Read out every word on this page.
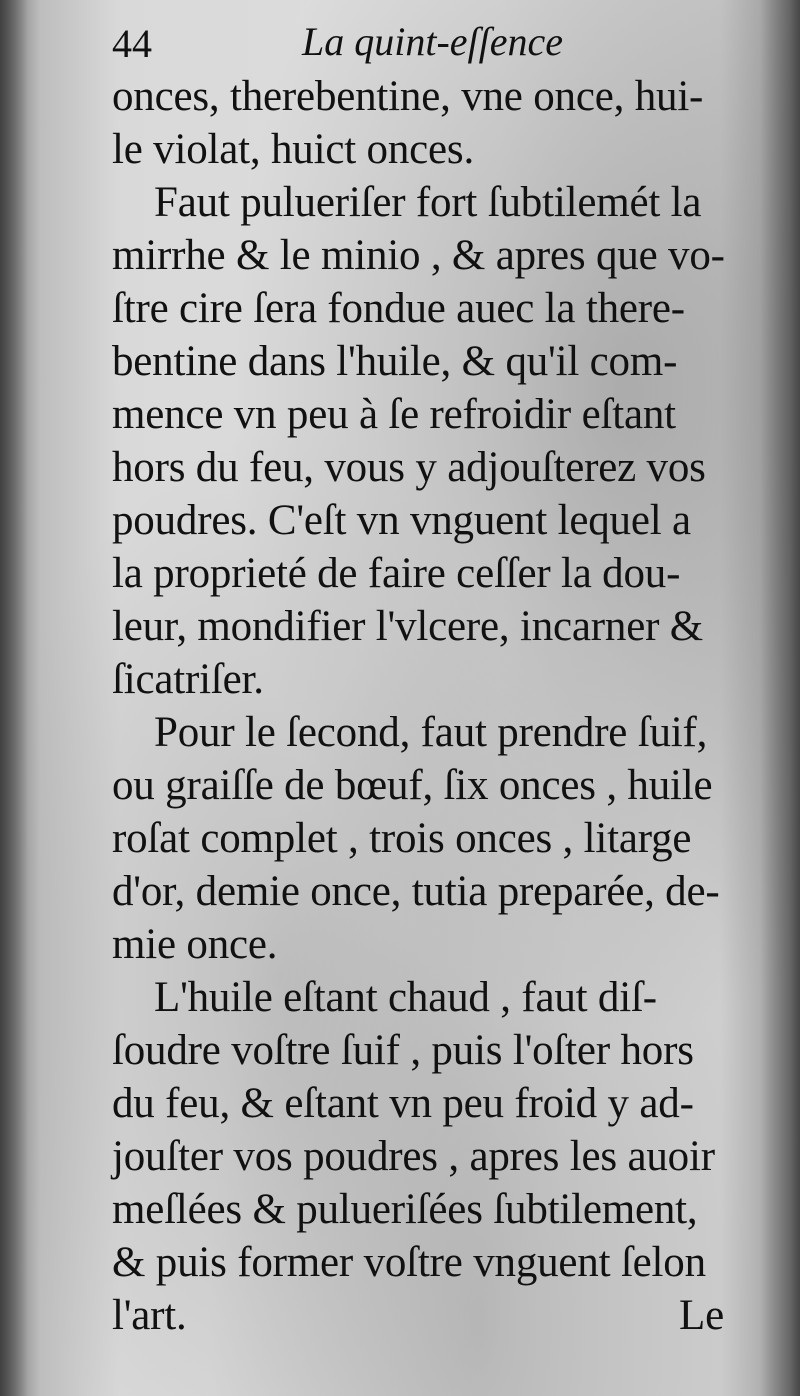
44	La quint-eſſence
onces, therebentine, vne once, hui-
le violat, huict onces.
Faut pulueriſer fort ſubtilemét la
mirrhe & le minio , & apres que vo-
ſtre cire ſera fondue auec la there-
bentine dans l'huile, & qu'il com-
mence vn peu à ſe refroidir eſtant
hors du feu, vous y adjouſterez vos
poudres. C'eſt vn vnguent lequel a
la proprieté de faire ceſſer la dou-
leur, mondifier l'vlcere, incarner &
ſicatriſer.
Pour le ſecond, faut prendre ſuif,
ou graiſſe de bœuf, ſix onces , huile
roſat complet , trois onces , litarge
d'or, demie once, tutia preparée, de-
mie once.
L'huile eſtant chaud , faut diſ-
ſoudre voſtre ſuif , puis l'oſter hors
du feu, & eſtant vn peu froid y ad-
jouſter vos poudres , apres les auoir
meſlées & pulueriſées ſubtilement,
& puis former voſtre vnguent ſelon
l'art.	Le
